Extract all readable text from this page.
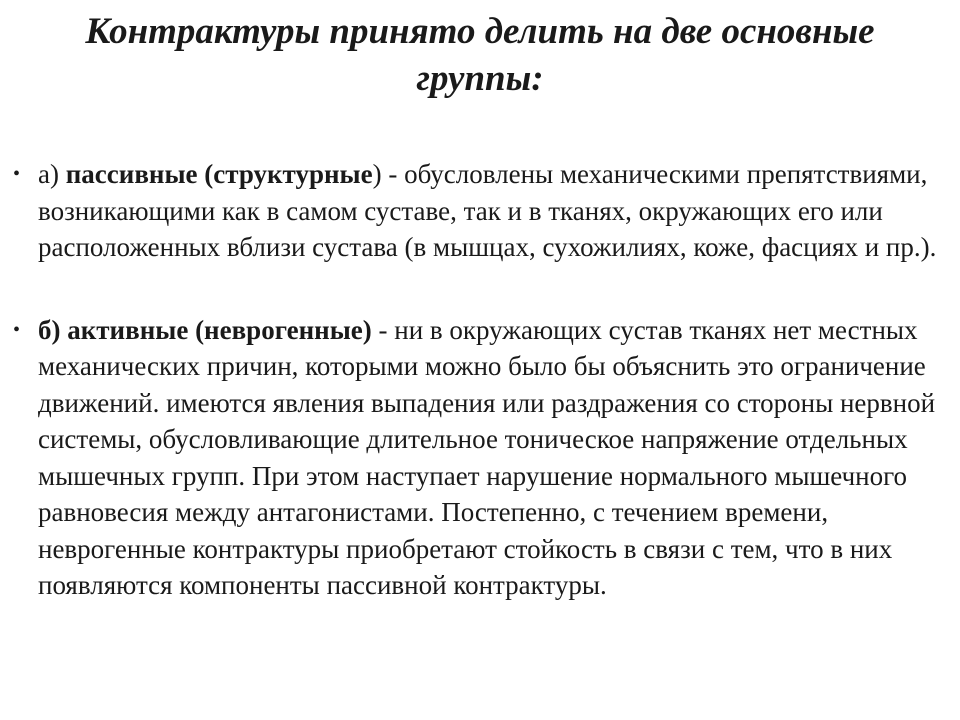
Контрактуры принято делить на две основные группы:
• а) пассивные (структурные) - обусловлены механическими препятствиями, возникающими как в самом суставе, так и в тканях, окружающих его или расположенных вблизи сустава (в мышцах, сухожилиях, коже, фасциях и пр.).
• б) активные (неврогенные) - ни в окружающих сустав тканях нет местных механических причин, которыми можно было бы объяснить это ограничение движений. имеются явления выпадения или раздражения со стороны нервной системы, обусловливающие длительное тоническое напряжение отдельных мышечных групп. При этом наступает нарушение нормального мышечного равновесия между антагонистами. Постепенно, с течением времени, неврогенные контрактуры приобретают стойкость в связи с тем, что в них появляются компоненты пассивной контрактуры.
